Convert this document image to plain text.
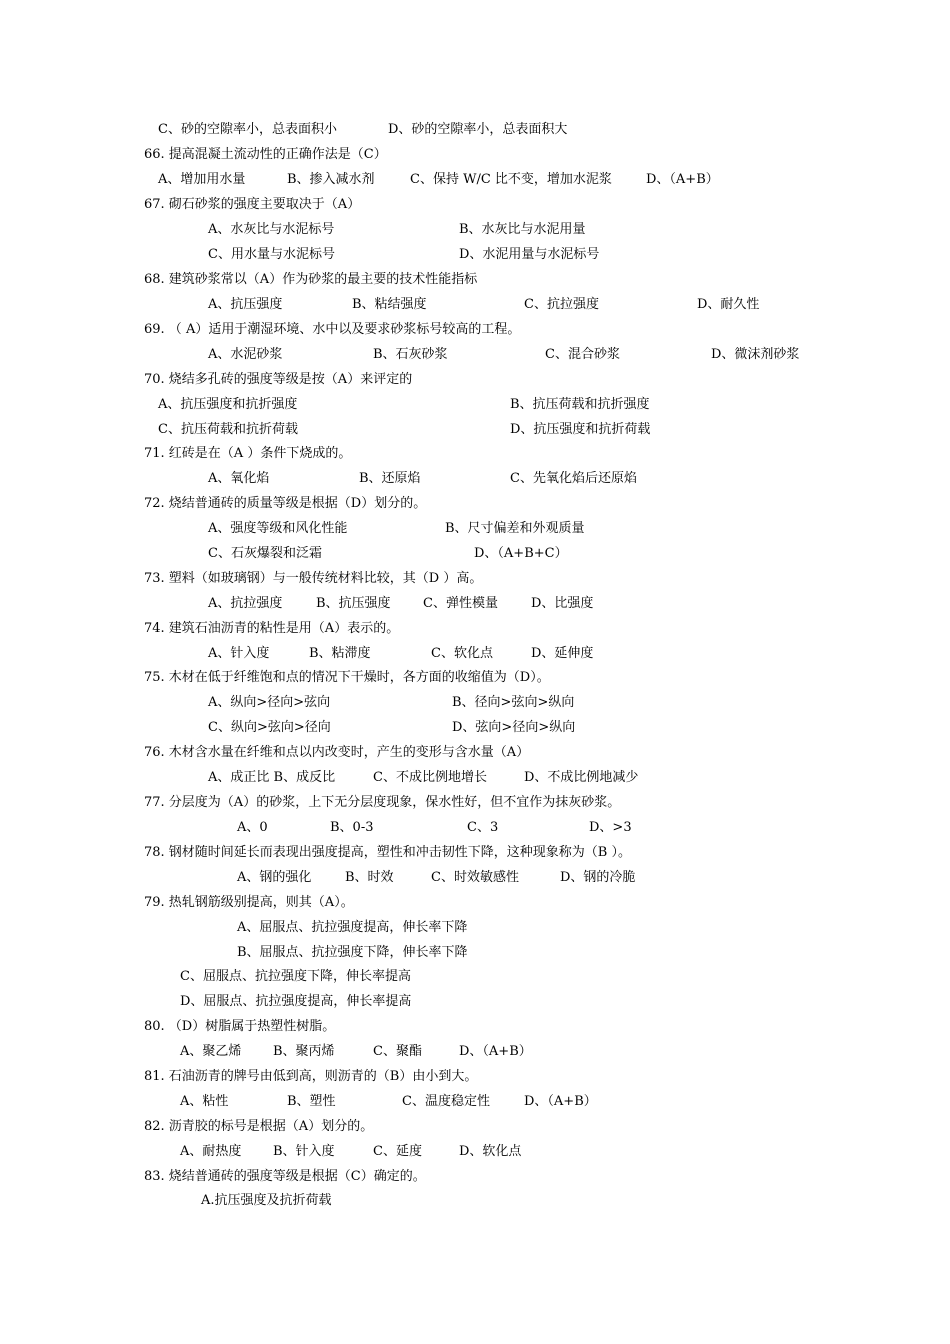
C、砂的空隙率小，总表面积小	D、砂的空隙率小，总表面积大
66. 提高混凝土流动性的正确作法是（C）
A、增加用水量	B、掺入减水剂	C、保持 W/C 比不变，增加水泥浆	D、（A+B）
67. 砌石砂浆的强度主要取决于（A）
A、水灰比与水泥标号	B、水灰比与水泥用量
C、用水量与水泥标号	D、水泥用量与水泥标号
68. 建筑砂浆常以（A）作为砂浆的最主要的技术性能指标
A、抗压强度	B、粘结强度	C、抗拉强度	D、耐久性
69. （ A）适用于潮湿环境、水中以及要求砂浆标号较高的工程。
A、水泥砂浆	B、石灰砂浆	C、混合砂浆	D、微沫剂砂浆
70. 烧结多孔砖的强度等级是按（A）来评定的
A、抗压强度和抗折强度	B、抗压荷载和抗折强度
C、抗压荷载和抗折荷载	D、抗压强度和抗折荷载
71. 红砖是在（A ）条件下烧成的。
A、氧化焰	B、还原焰	C、先氧化焰后还原焰
72. 烧结普通砖的质量等级是根据（D）划分的。
A、强度等级和风化性能	B、尺寸偏差和外观质量
C、石灰爆裂和泛霜	D、（A+B+C）
73. 塑料（如玻璃钢）与一般传统材料比较，其（D ）高。
A、抗拉强度	B、抗压强度 C、弹性模量	D、比强度
74. 建筑石油沥青的粘性是用（A）表示的。
A、针入度	B、粘滞度	C、软化点	D、延伸度
75. 木材在低于纤维饱和点的情况下干燥时，各方面的收缩值为（D）。
A、纵向>径向>弦向	B、径向>弦向>纵向
C、纵向>弦向>径向	D、弦向>径向>纵向
76. 木材含水量在纤维和点以内改变时，产生的变形与含水量（A）
A、成正比 B、成反比	C、不成比例地增长	D、不成比例地减少
77. 分层度为（A）的砂浆，上下无分层度现象，保水性好，但不宜作为抹灰砂浆。
A、0	B、0-3	C、3	D、>3
78. 钢材随时间延长而表现出强度提高，塑性和冲击韧性下降，这种现象称为（B ）。
A、钢的强化	B、时效	C、时效敏感性	D、钢的冷脆
79. 热轧钢筋级别提高，则其（A）。
A、屈服点、抗拉强度提高，伸长率下降
B、屈服点、抗拉强度下降，伸长率下降
C、屈服点、抗拉强度下降，伸长率提高
D、屈服点、抗拉强度提高，伸长率提高
80. （D）树脂属于热塑性树脂。
A、聚乙烯 B、聚丙烯	C、聚酯	D、（A+B）
81. 石油沥青的牌号由低到高，则沥青的（B）由小到大。
A、粘性	B、塑性	C、温度稳定性	D、（A+B）
82. 沥青胶的标号是根据（A）划分的。
A、耐热度 B、针入度	C、延度	D、软化点
83. 烧结普通砖的强度等级是根据（C）确定的。
A.抗压强度及抗折荷载
